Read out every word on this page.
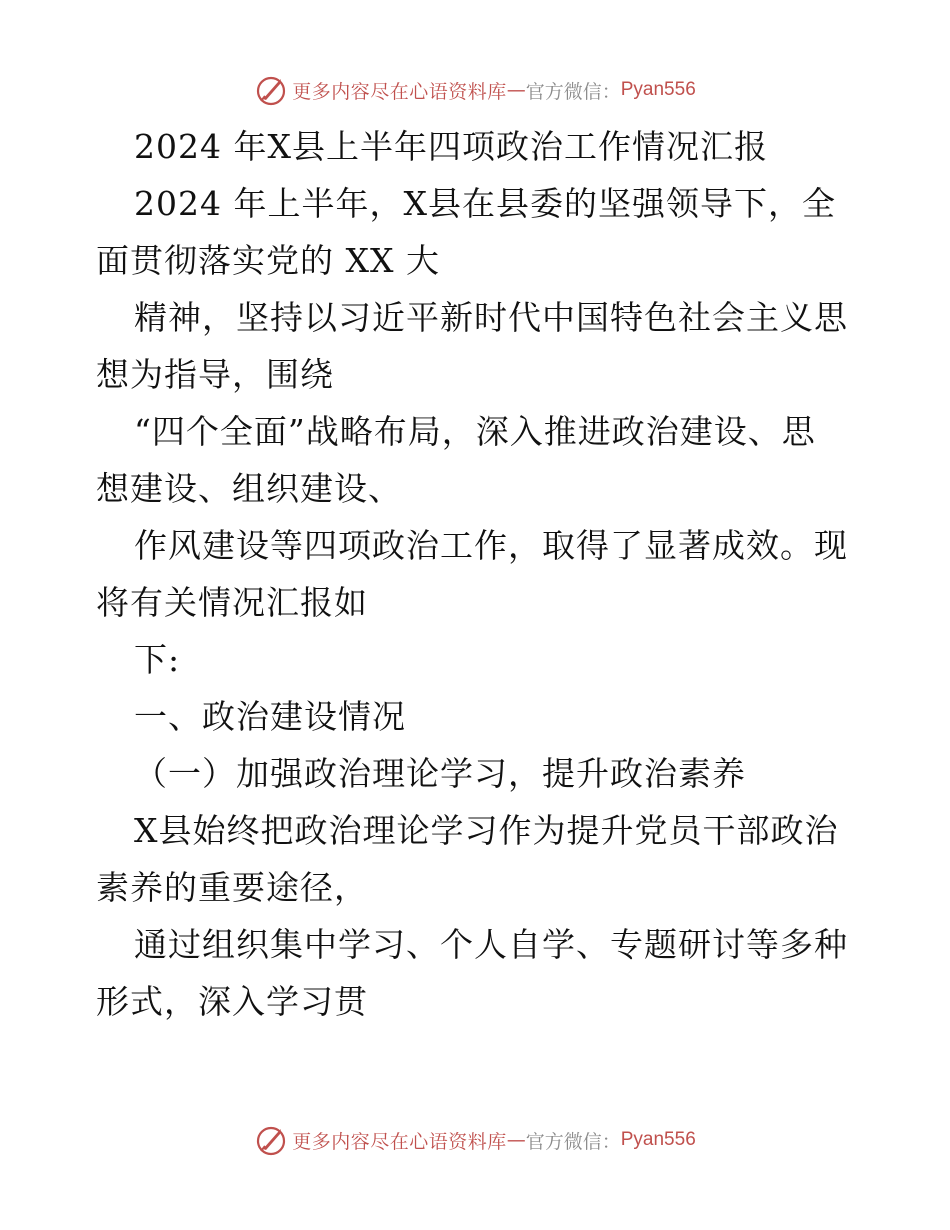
更多内容尽在心语资料库 — 官方微信： Pyan556
2024 年X县上半年四项政治工作情况汇报
2024 年上半年，X县在县委的坚强领导下，全
面贯彻落实党的 XX 大
精神，坚持以习近平新时代中国特色社会主义思
想为指导，围绕
“四个全面”战略布局，深入推进政治建设、思
想建设、组织建设、
作风建设等四项政治工作，取得了显著成效。现
将有关情况汇报如
下:
一、政治建设情况
（一）加强政治理论学习，提升政治素养
X县始终把政治理论学习作为提升党员干部政治
素养的重要途径，
通过组织集中学习、个人自学、专题研讨等多种
形式，深入学习贯
更多内容尽在心语资料库 — 官方微信： Pyan556
